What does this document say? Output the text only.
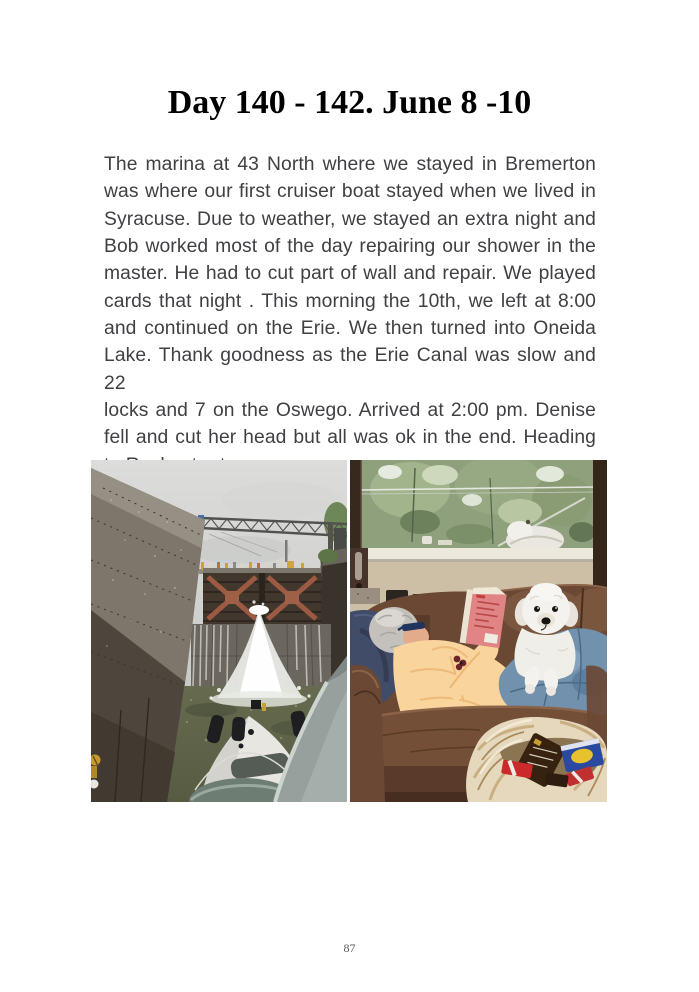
Day 140 - 142. June 8 -10
The marina at 43 North where we stayed in Bremerton
was where our first cruiser boat stayed when we lived in
Syracuse. Due to weather, we stayed an extra night and
Bob worked most of the day repairing our shower in the
master. He had to cut part of wall and repair. We played
cards that night . This morning the 10th, we left at 8:00
and continued on the Erie. We then turned into Oneida
Lake. Thank goodness as the Erie Canal was slow and 22
locks and 7 on the Oswego. Arrived at 2:00 pm. Denise
fell and cut her head but all was ok in the end. Heading
87
